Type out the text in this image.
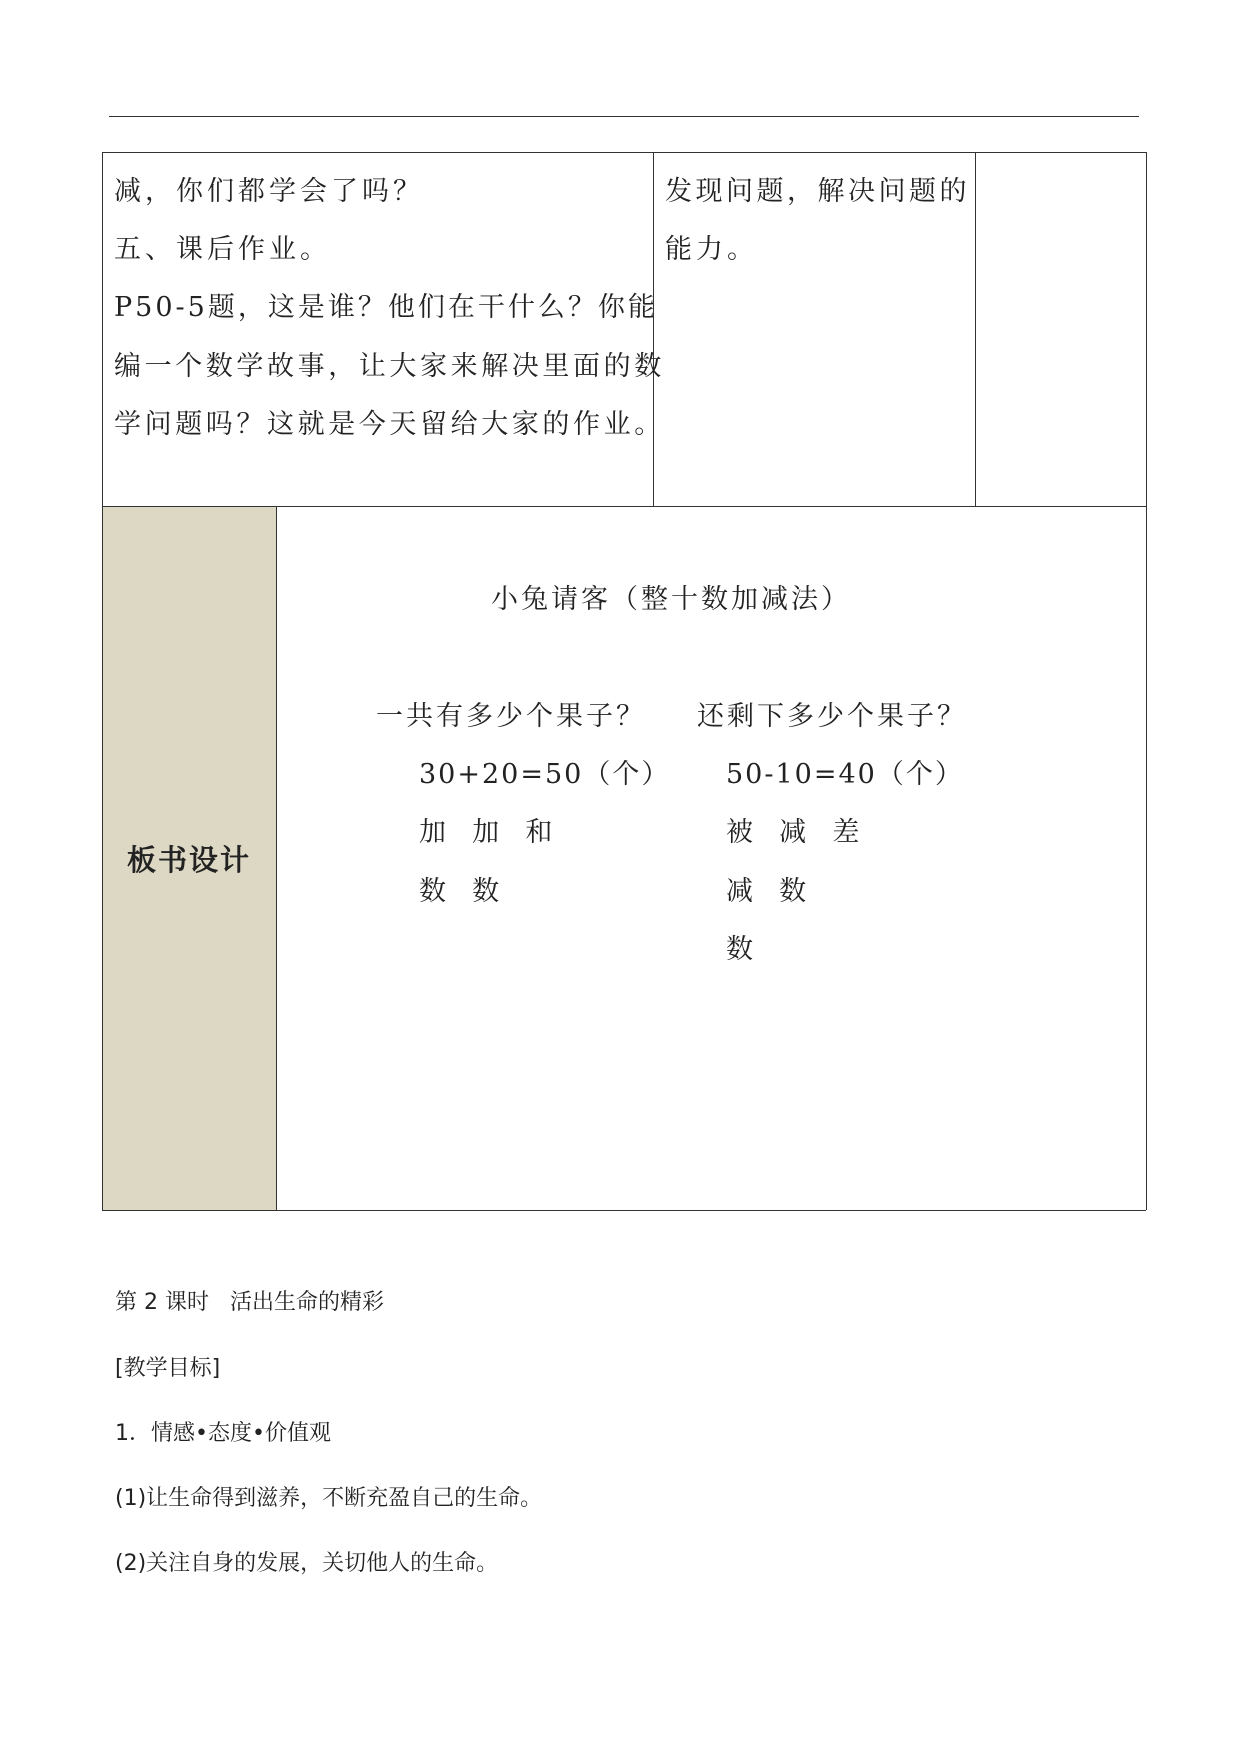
板书设计
减，你们都学会了吗？
五、课后作业。
P50-5题，这是谁？他们在干什么？你能
编一个数学故事，让大家来解决里面的数
学问题吗？这就是今天留给大家的作业。
发现问题，解决问题的
能力。
小兔请客（整十数加减法）
一共有多少个果子？
30+20=50（个）
加  加  和
数  数
还剩下多少个果子？
50-10=40（个）
被  减  差
减  数
数
第 2 课时   活出生命的精彩
[教学目标]
1．情感•态度•价值观
(1)让生命得到滋养，不断充盈自己的生命。
(2)关注自身的发展，关切他人的生命。
